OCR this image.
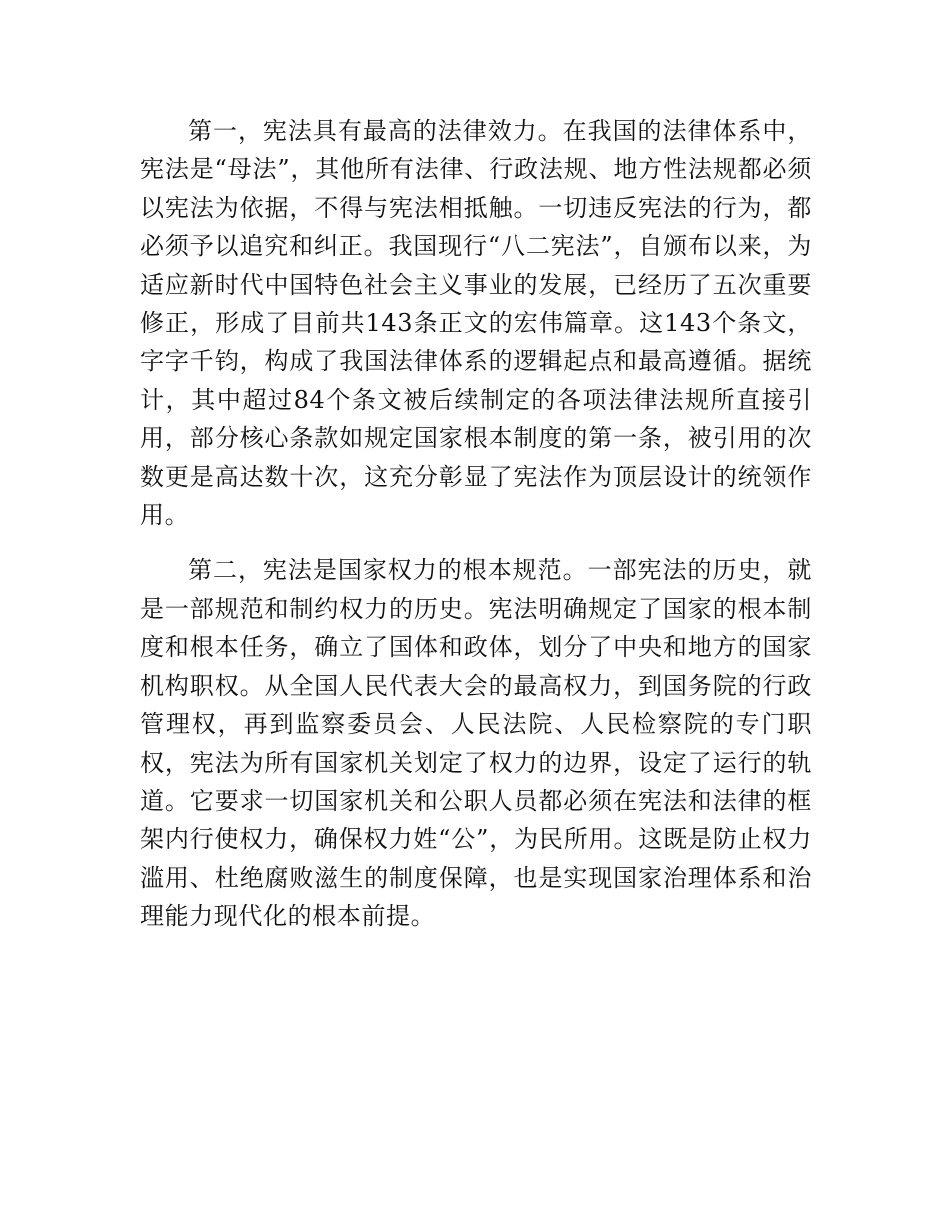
第一，宪法具有最高的法律效力。在我国的法律体系中，宪法是“母法”，其他所有法律、行政法规、地方性法规都必须以宪法为依据，不得与宪法相抵触。一切违反宪法的行为，都必须予以追究和纠正。我国现行“八二宪法”，自颁布以来，为适应新时代中国特色社会主义事业的发展，已经历了五次重要修正，形成了目前共143条正文的宏伟篇章。这143个条文，字字千钧，构成了我国法律体系的逻辑起点和最高遵循。据统计，其中超过84个条文被后续制定的各项法律法规所直接引用，部分核心条款如规定国家根本制度的第一条，被引用的次数更是高达数十次，这充分彰显了宪法作为顶层设计的统领作用。

第二，宪法是国家权力的根本规范。一部宪法的历史，就是一部规范和制约权力的历史。宪法明确规定了国家的根本制度和根本任务，确立了国体和政体，划分了中央和地方的国家机构职权。从全国人民代表大会的最高权力，到国务院的行政管理权，再到监察委员会、人民法院、人民检察院的专门职权，宪法为所有国家机关划定了权力的边界，设定了运行的轨道。它要求一切国家机关和公职人员都必须在宪法和法律的框架内行使权力，确保权力姓“公”，为民所用。这既是防止权力滥用、杜绝腐败滋生的制度保障，也是实现国家治理体系和治理能力现代化的根本前提。
